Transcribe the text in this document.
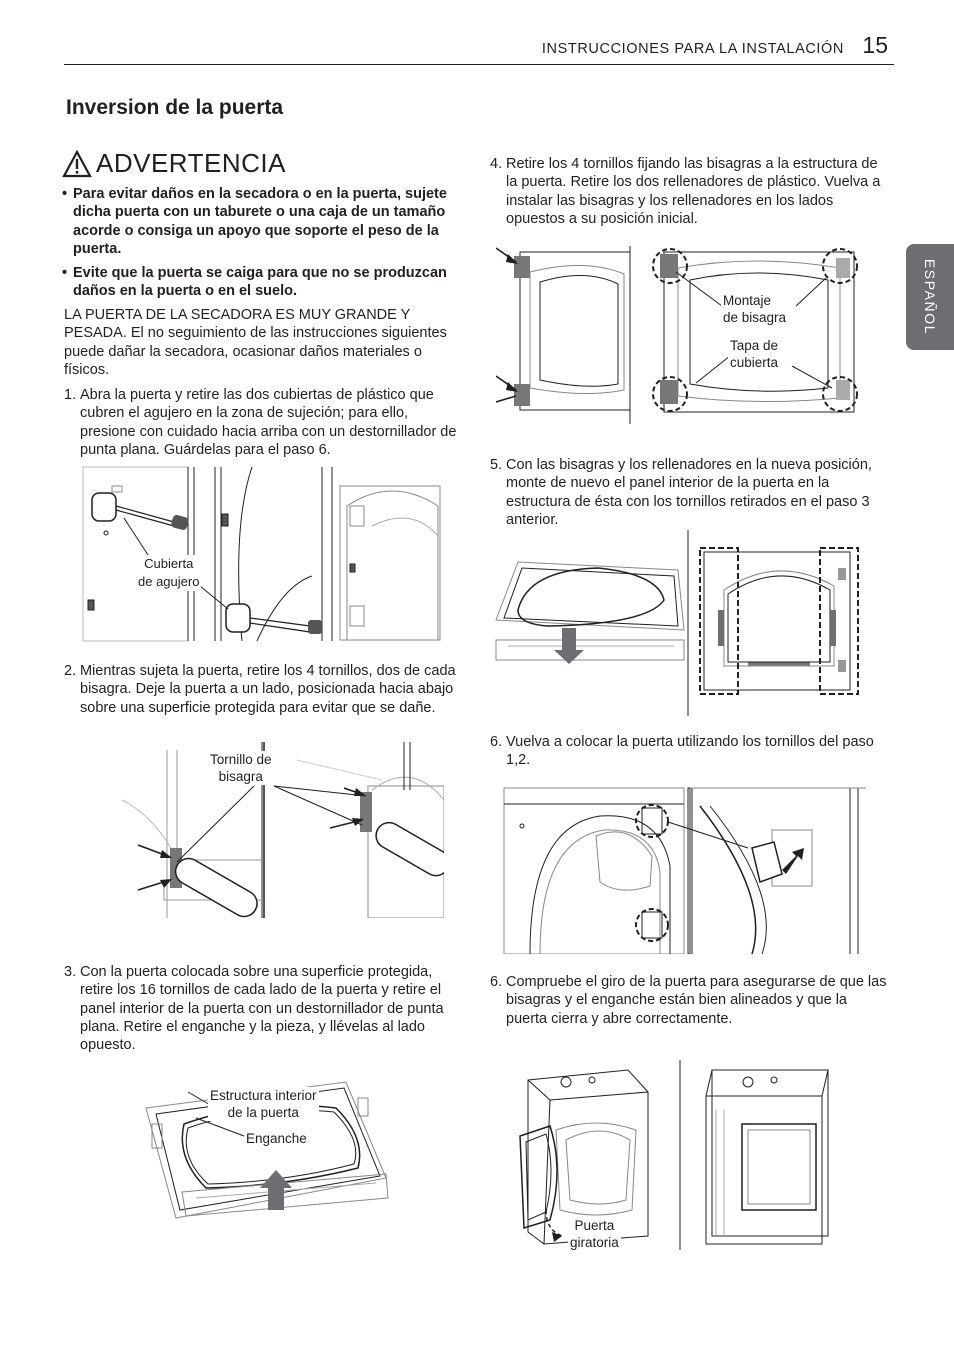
INSTRUCCIONES PARA LA INSTALACIÓN 15
ESPAÑOL
Inversion de la puerta
ADVERTENCIA
• Para evitar daños en la secadora o en la puerta, sujete dicha puerta con un taburete o una caja de un tamaño acorde o consiga un apoyo que soporte el peso de la puerta.
• Evite que la puerta se caiga para que no se produzcan daños en la puerta o en el suelo.
LA PUERTA DE LA SECADORA ES MUY GRANDE Y PESADA. El no seguimiento de las instrucciones siguientes puede dañar la secadora, ocasionar daños materiales o físicos.
1. Abra la puerta y retire las dos cubiertas de plástico que cubren el agujero en la zona de sujeción; para ello, presione con cuidado hacia arriba con un destornillador de punta plana. Guárdelas para el paso 6.
Cubierta
de agujero
2. Mientras sujeta la puerta, retire los 4 tornillos, dos de cada bisagra. Deje la puerta a un lado, posicionada hacia abajo sobre una superficie protegida para evitar que se dañe.
Tornillo de
bisagra
3. Con la puerta colocada sobre una superficie protegida, retire los 16 tornillos de cada lado de la puerta y retire el panel interior de la puerta con un destornillador de punta plana. Retire el enganche y la pieza, y llévelas al lado opuesto.
Estructura interior
de la puerta
Enganche
4. Retire los 4 tornillos fijando las bisagras a la estructura de la puerta. Retire los dos rellenadores de plástico. Vuelva a instalar las bisagras y los rellenadores en los lados opuestos a su posición inicial.
Montaje
de bisagra
Tapa de
cubierta
5. Con las bisagras y los rellenadores en la nueva posición, monte de nuevo el panel interior de la puerta en la estructura de ésta con los tornillos retirados en el paso 3 anterior.
6. Vuelva a colocar la puerta utilizando los tornillos del paso 1,2.
6. Compruebe el giro de la puerta para asegurarse de que las bisagras y el enganche están bien alineados y que la puerta cierra y abre correctamente.
Puerta
giratoria
